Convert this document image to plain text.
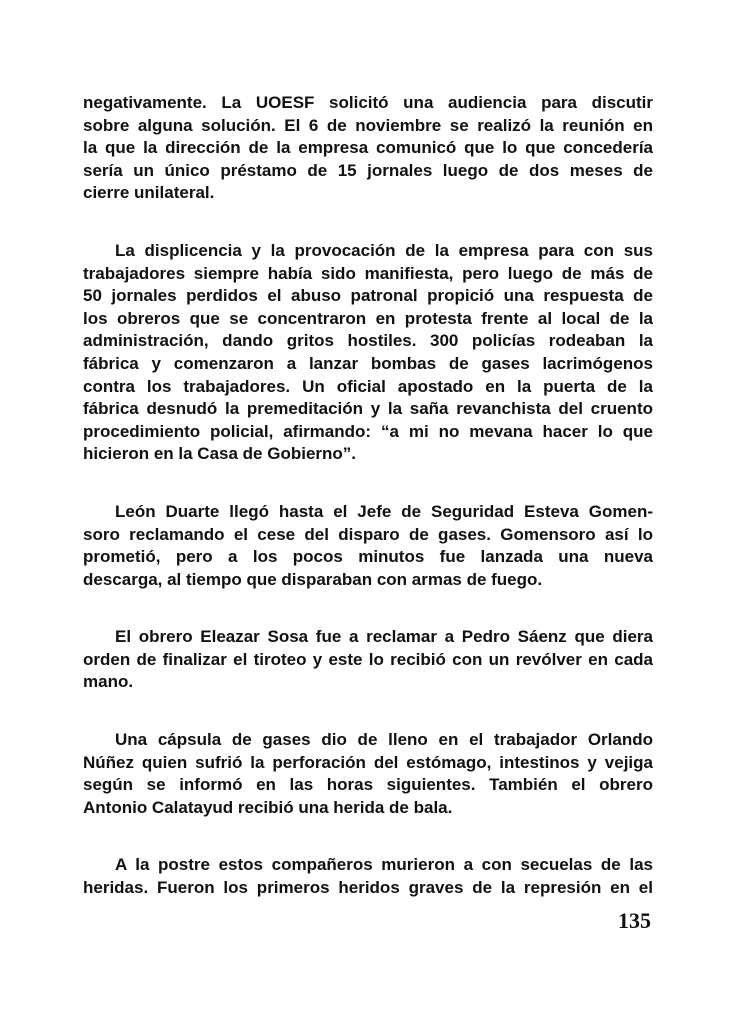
negativamente. La UOESF solicitó una audiencia para discutir
sobre alguna solución. El 6 de noviembre se realizó la reunión en
la que la dirección de la empresa comunicó que lo que concedería
sería un único préstamo de 15 jornales luego de dos meses de
cierre unilateral.
La displicencia y la provocación de la empresa para con sus
trabajadores siempre había sido manifiesta, pero luego de más de
50 jornales perdidos el abuso patronal propició una respuesta de
los obreros que se concentraron en protesta frente al local de la
administración, dando gritos hostiles. 300 policías rodeaban la
fábrica y comenzaron a lanzar bombas de gases lacrimógenos
contra los trabajadores. Un oficial apostado en la puerta de la
fábrica desnudó la premeditación y la saña revanchista del cruento
procedimiento policial, afirmando: “a mi no mevana hacer lo que
hicieron en la Casa de Gobierno”.
León Duarte llegó hasta el Jefe de Seguridad Esteva Gomen-
soro reclamando el cese del disparo de gases. Gomensoro así lo
prometió, pero a los pocos minutos fue lanzada una nueva
descarga, al tiempo que disparaban con armas de fuego.
El obrero Eleazar Sosa fue a reclamar a Pedro Sáenz que diera
orden de finalizar el tiroteo y este lo recibió con un revólver en cada
mano.
Una cápsula de gases dio de lleno en el trabajador Orlando
Núñez quien sufrió la perforación del estómago, intestinos y vejiga
según se informó en las horas siguientes. También el obrero
Antonio Calatayud recibió una herida de bala.
A la postre estos compañeros murieron a con secuelas de las
heridas. Fueron los primeros heridos graves de la represión en el
135
